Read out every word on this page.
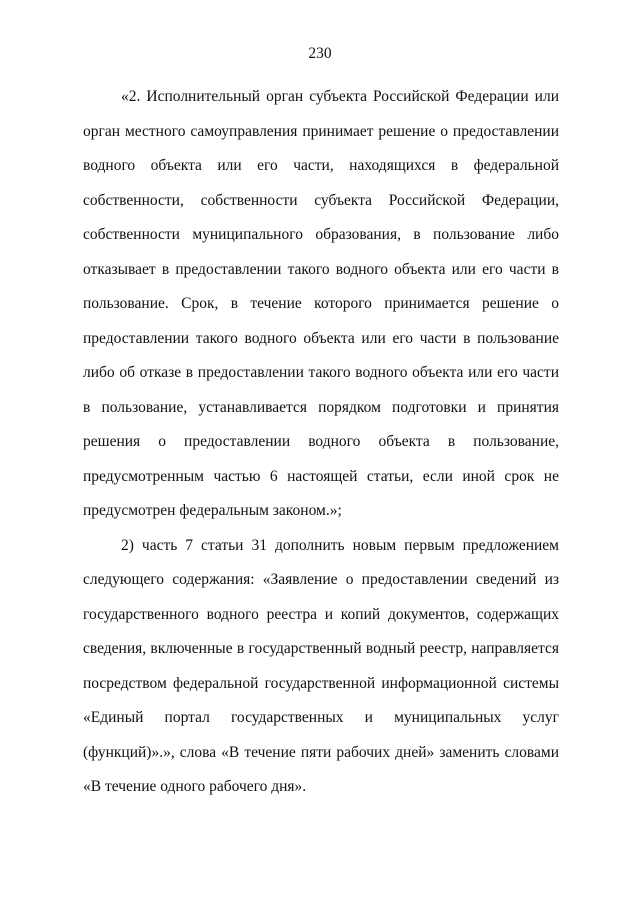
230

«2. Исполнительный орган субъекта Российской Федерации или орган местного самоуправления принимает решение о предоставлении водного объекта или его части, находящихся в федеральной собственности, собственности субъекта Российской Федерации, собственности муниципального образования, в пользование либо отказывает в предоставлении такого водного объекта или его части в пользование. Срок, в течение которого принимается решение о предоставлении такого водного объекта или его части в пользование либо об отказе в предоставлении такого водного объекта или его части в пользование, устанавливается порядком подготовки и принятия решения о предоставлении водного объекта в пользование, предусмотренным частью 6 настоящей статьи, если иной срок не предусмотрен федеральным законом.»;

2) часть 7 статьи 31 дополнить новым первым предложением следующего содержания: «Заявление о предоставлении сведений из государственного водного реестра и копий документов, содержащих сведения, включенные в государственный водный реестр, направляется посредством федеральной государственной информационной системы «Единый портал государственных и муниципальных услуг (функций)».», слова «В течение пяти рабочих дней» заменить словами «В течение одного рабочего дня».
